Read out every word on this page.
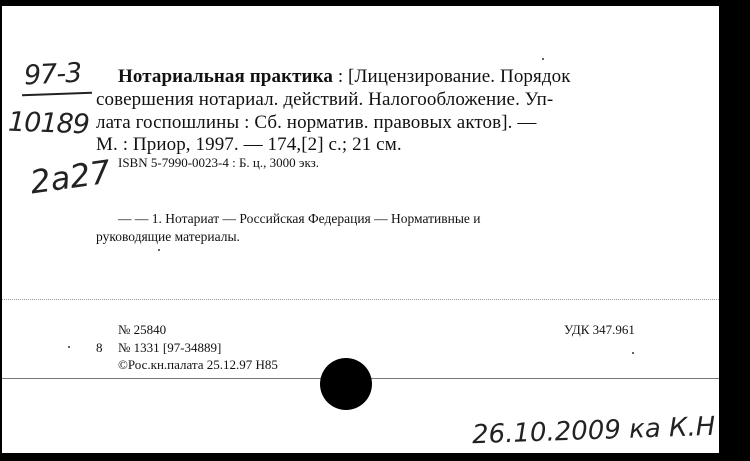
97-3
10189
2a27
Нотариальная практика : [Лицензирование. Порядок
совершения нотариал. действий. Налогообложение. Уп-
лата госпошлины : Сб. норматив. правовых актов]. —
М. : Приор, 1997. — 174,[2] с.; 21 см.
ISBN 5-7990-0023-4 : Б. ц., 3000 экз.
— — 1. Нотариат — Российская Федерация — Нормативные и
руководящие материалы.
№ 25840	УДК 347.961
8 № 1331 [97-34889]
©Рос.кн.палата 25.12.97 Н85
26.10.2009 ка К.Н
